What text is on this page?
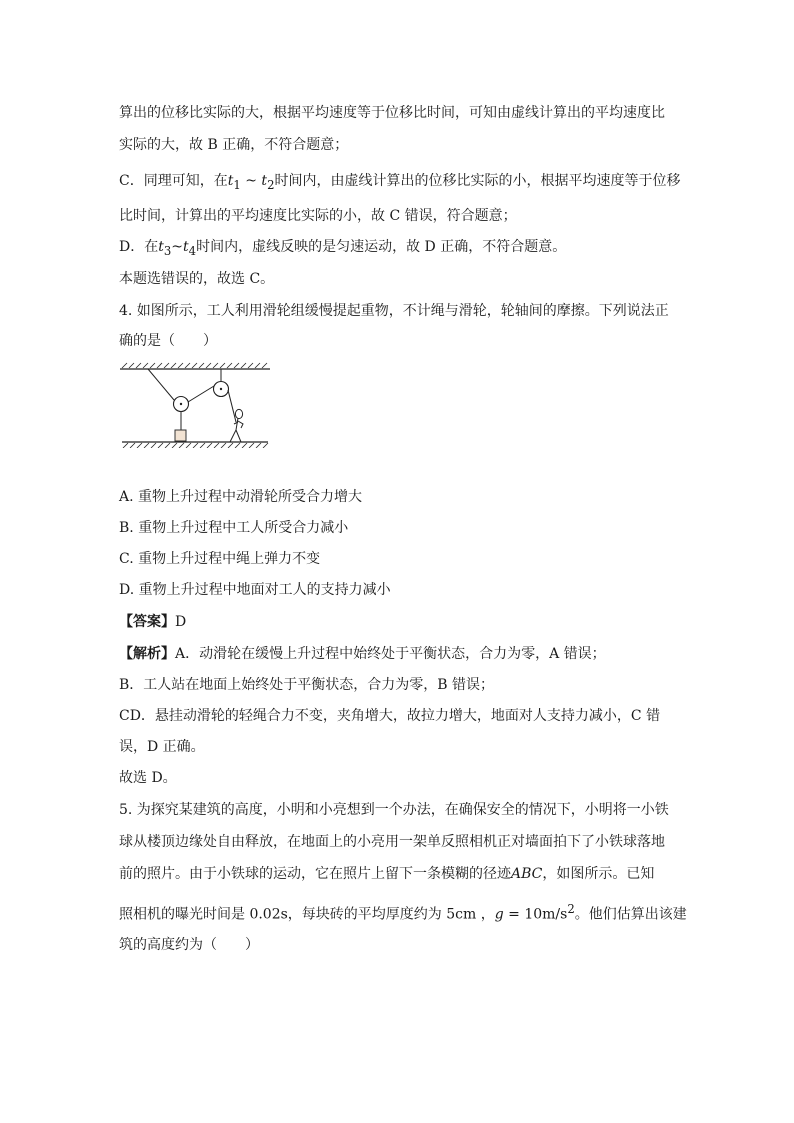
算出的位移比实际的大，根据平均速度等于位移比时间，可知由虚线计算出的平均速度比
实际的大，故 B 正确，不符合题意；
C．同理可知，在$t_1$ ~ $t_2$时间内，由虚线计算出的位移比实际的小，根据平均速度等于位移
比时间，计算出的平均速度比实际的小，故 C 错误，符合题意；
D．在$t_3\sim t_4$时间内，虚线反映的是匀速运动，故 D 正确，不符合题意。
本题选错误的，故选 C。
4. 如图所示，工人利用滑轮组缓慢提起重物，不计绳与滑轮，轮轴间的摩擦。下列说法正
确的是（　　）
A. 重物上升过程中动滑轮所受合力增大
B. 重物上升过程中工人所受合力减小
C. 重物上升过程中绳上弹力不变
D. 重物上升过程中地面对工人的支持力减小
【答案】D
【解析】A．动滑轮在缓慢上升过程中始终处于平衡状态，合力为零，A 错误；
B．工人站在地面上始终处于平衡状态，合力为零，B 错误；
CD．悬挂动滑轮的轻绳合力不变，夹角增大，故拉力增大，地面对人支持力减小，C 错
误，D 正确。
故选 D。
5. 为探究某建筑的高度，小明和小亮想到一个办法，在确保安全的情况下，小明将一小铁
球从楼顶边缘处自由释放，在地面上的小亮用一架单反照相机正对墙面拍下了小铁球落地
前的照片。由于小铁球的运动，它在照片上留下一条模糊的径迹ABC，如图所示。已知
照相机的曝光时间是 0.02s，每块砖的平均厚度约为 5cm ，$g = 10m/s^2$。他们估算出该建
筑的高度约为（　　）
